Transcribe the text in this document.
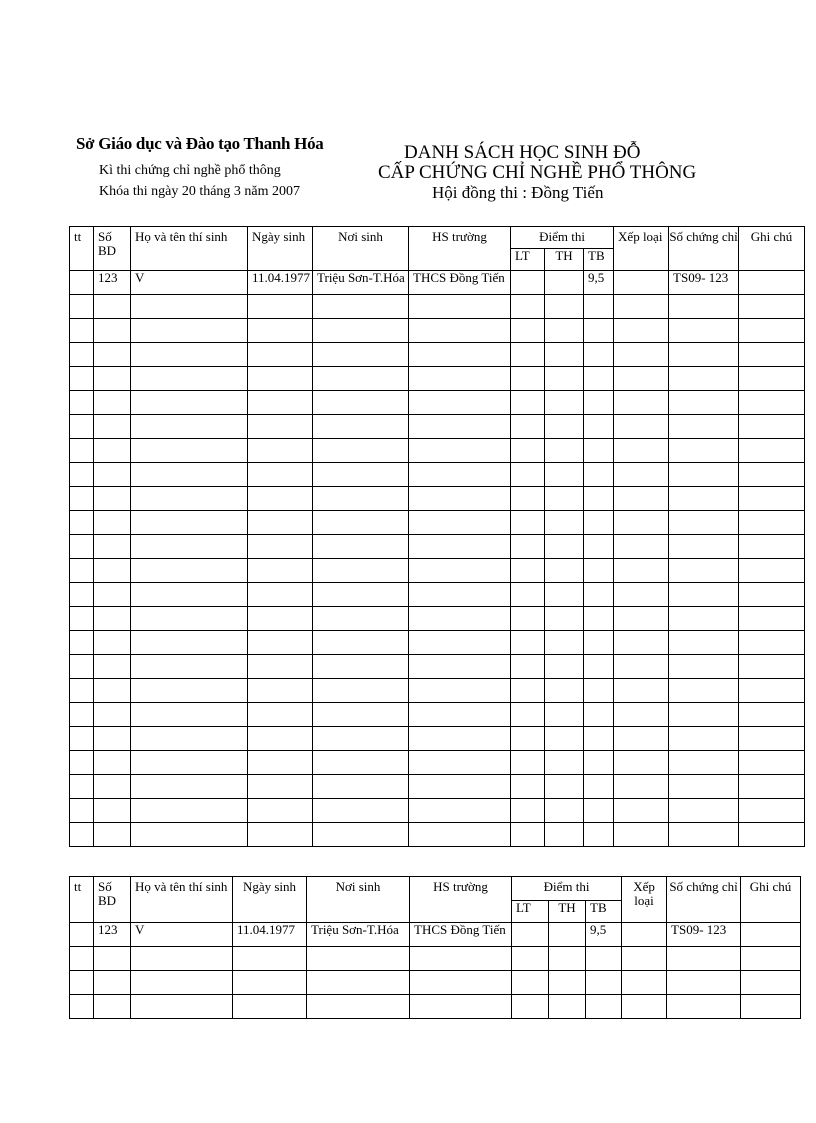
Sở Giáo dục và Đào tạo Thanh Hóa
Kì thi chứng chỉ nghề phổ thông
Khóa thi ngày 20 tháng 3 năm 2007
DANH SÁCH HỌC SINH ĐỖ
CẤP CHỨNG CHỈ NGHỀ PHỔ THÔNG
Hội đồng thi : Đồng Tiến
tt	Số BD	Họ và tên thí sinh	Ngày sinh	Nơi sinh	HS trường	Điểm thi			Xếp loại	Số chứng chỉ	Ghi chú
						LT	TH	TB			
	123	V	11.04.1977	Triệu Sơn-T.Hóa	THCS Đồng Tiến			9,5		TS09- 123	

tt	Số BD	Họ và tên thí sinh	Ngày sinh	Nơi sinh	HS trường	Điểm thi			Xếp loại	Số chứng chỉ	Ghi chú
						LT	TH	TB			
	123	V	11.04.1977	Triệu Sơn-T.Hóa	THCS Đồng Tiến			9,5		TS09- 123	
